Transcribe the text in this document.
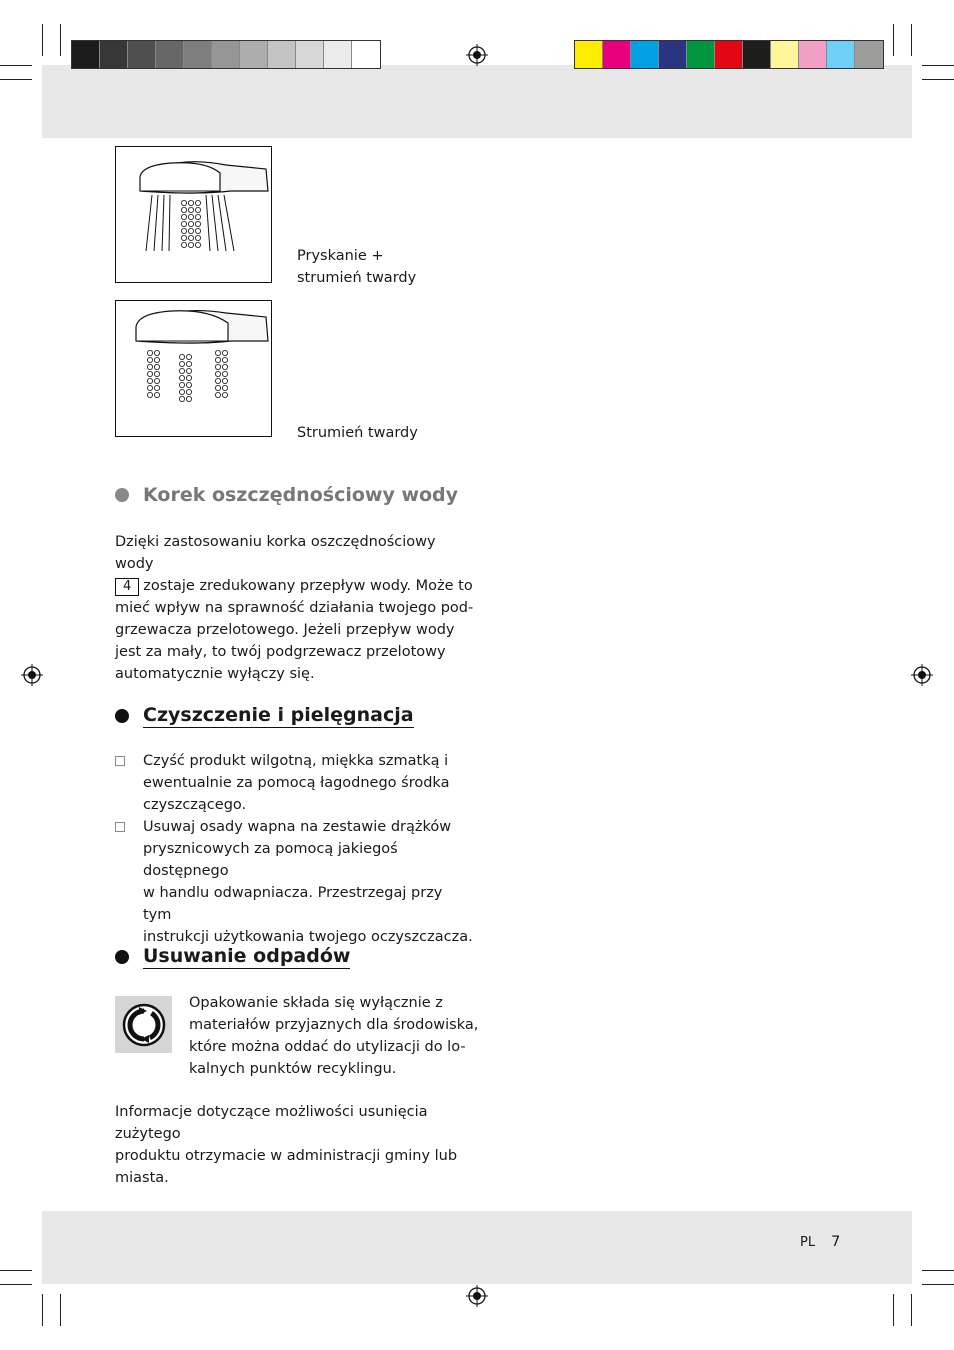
Pryskanie +
strumień twardy
Strumień twardy
Korek oszczędnościowy wody

Dzięki zastosowaniu korka oszczędnościowy wody

4 zostaje zredukowany przepływ wody. Może to

mieć wpływ na sprawność działania twojego pod-

grzewacza przelotowego. Jeżeli przepływ wody

jest za mały, to twój podgrzewacz przelotowy

automatycznie wyłączy się.

Czyszczenie i pielęgnacja
Czyść produkt wilgotną, miękka szmatką i
ewentualnie za pomocą łagodnego środka
czyszczącego.
Usuwaj osady wapna na zestawie drążków
prysznicowych za pomocą jakiegoś dostępnego
w handlu odwapniacza. Przestrzegaj przy tym
instrukcji użytkowania twojego oczyszczacza.
Usuwanie odpadów
Opakowanie składa się wyłącznie z
materiałów przyjaznych dla środowiska,
które można oddać do utylizacji do lo-
kalnych punktów recyklingu.

Informacje dotyczące możliwości usunięcia zużytego

produktu otrzymacie w administracji gminy lub miasta.

PL 7
